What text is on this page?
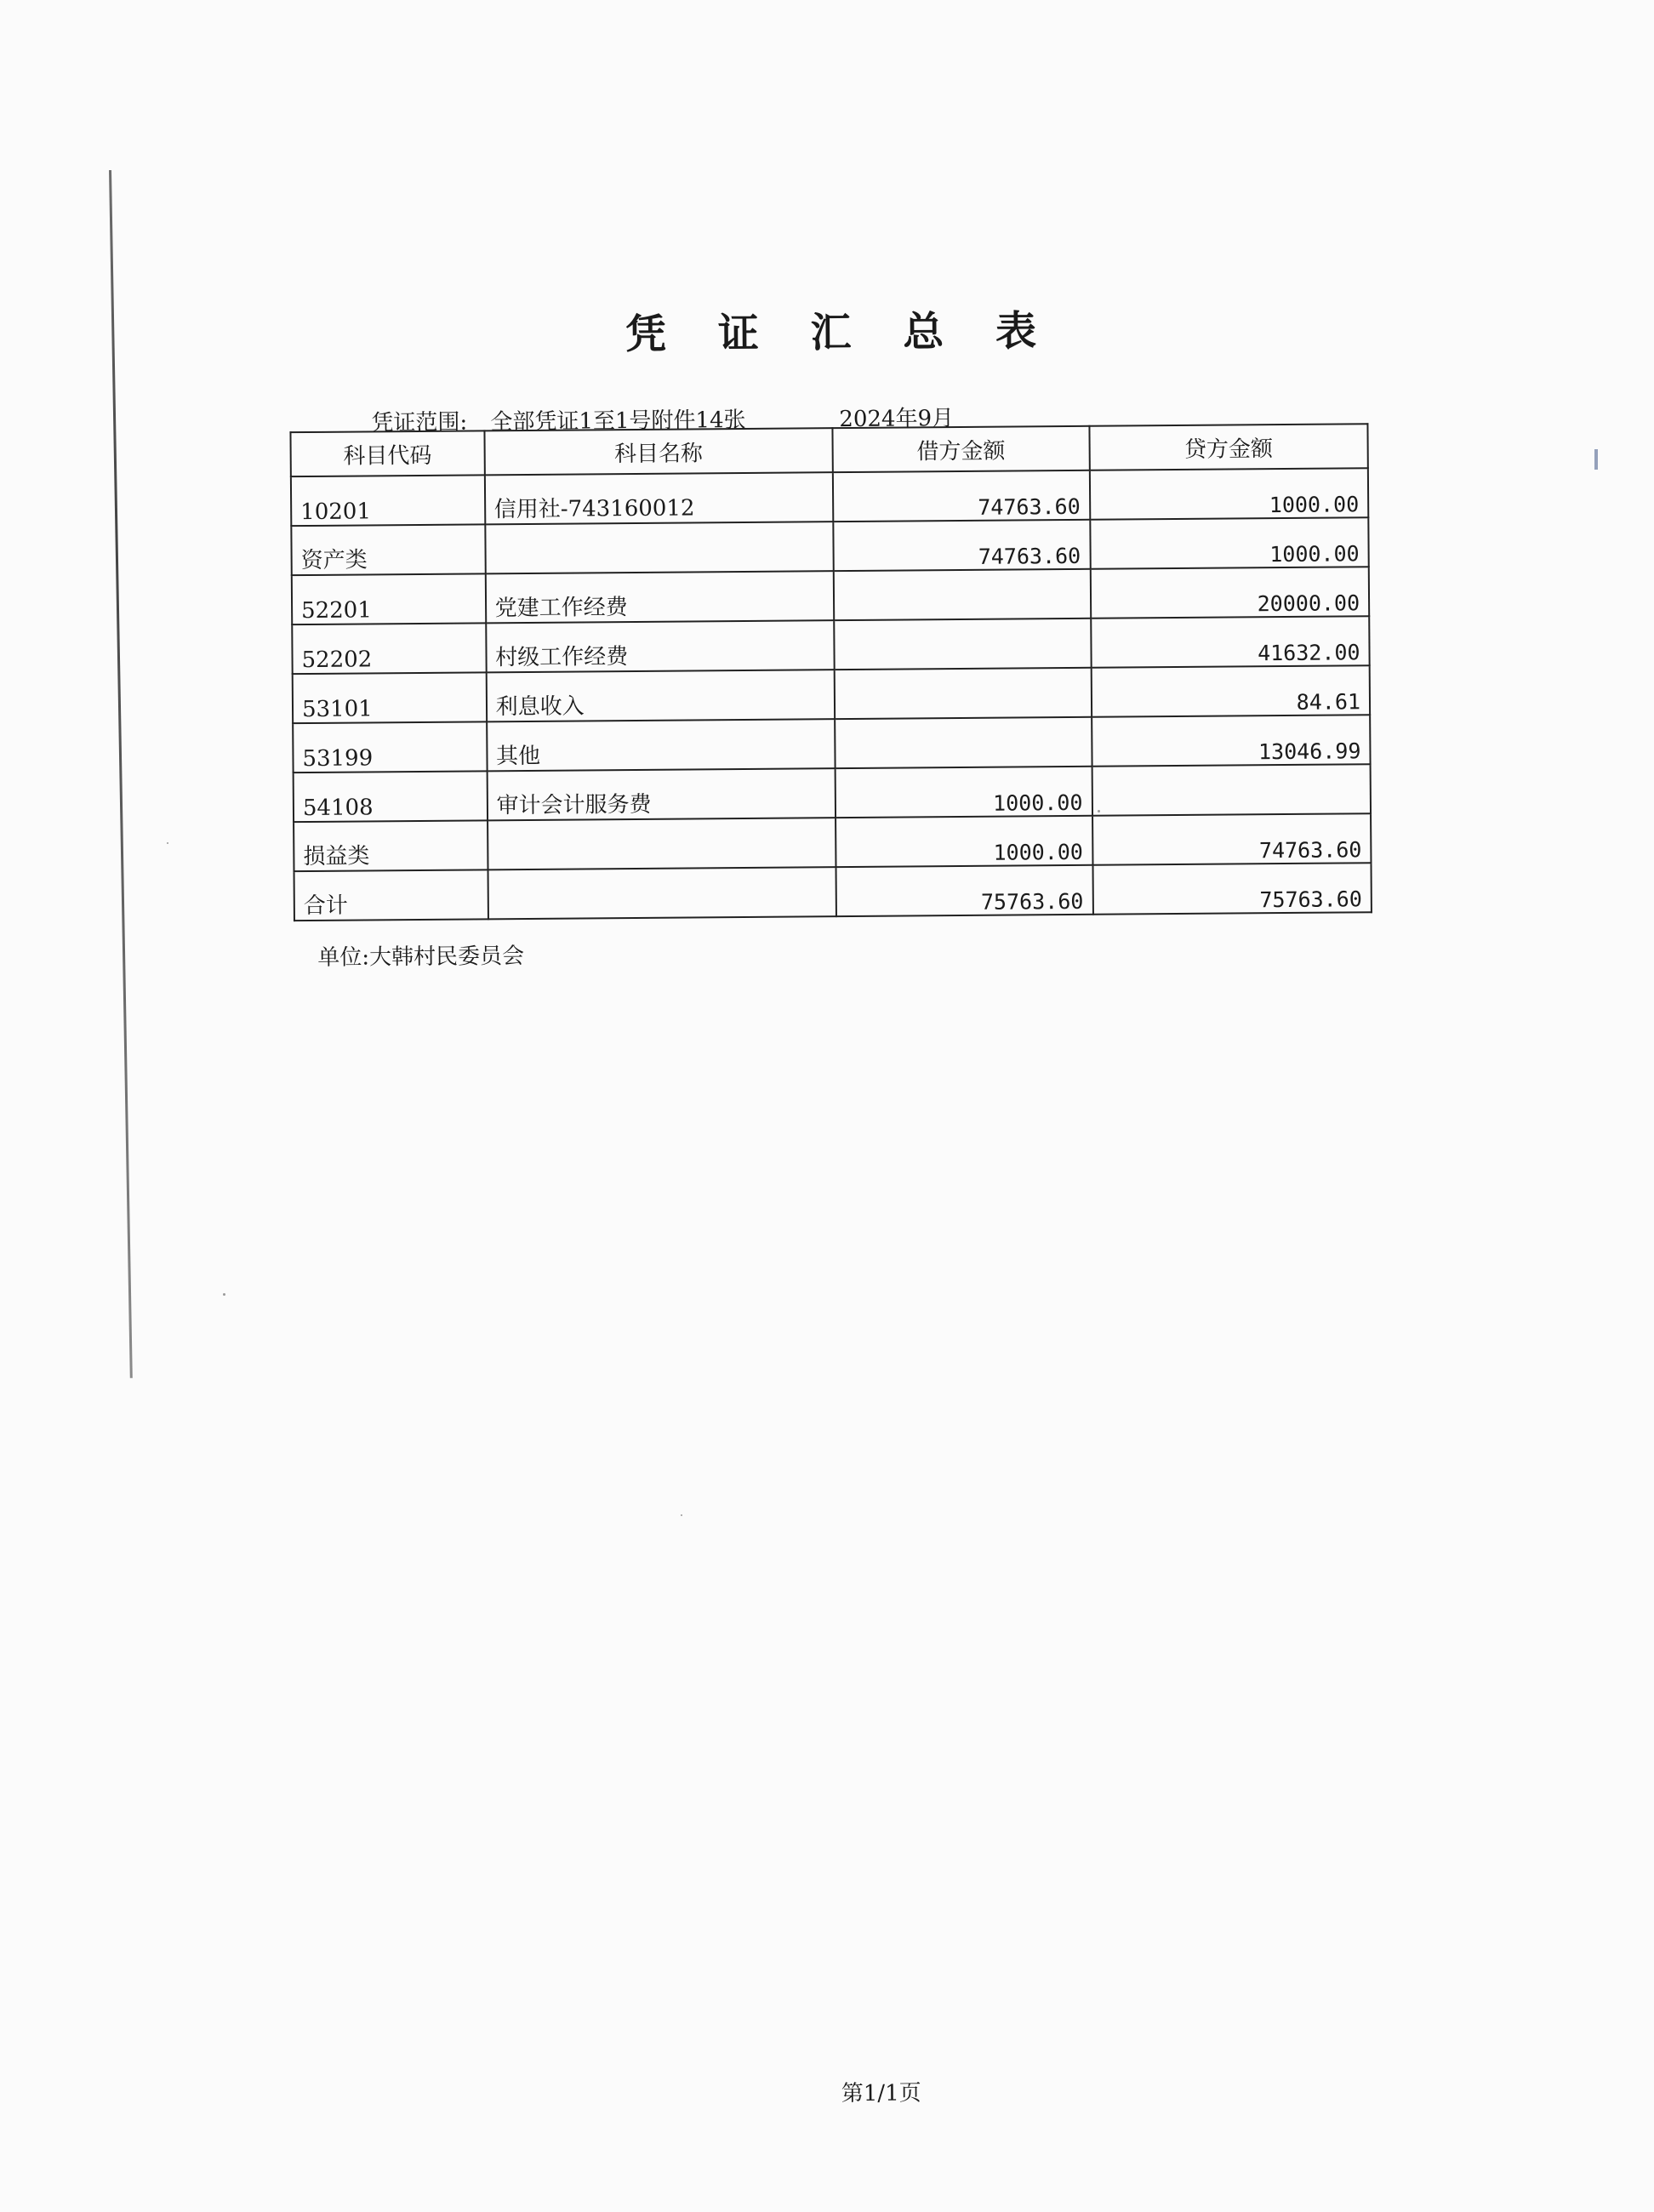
凭 证 汇 总 表
凭证范围: 全部凭证1至1号附件14张	2024年9月
科目代码	科目名称	借方金额	贷方金额
10201	信用社-743160012	74763.60	1000.00
资产类		74763.60	1000.00
52201	党建工作经费		20000.00
52202	村级工作经费		41632.00
53101	利息收入		84.61
53199	其他		13046.99
54108	审计会计服务费	1000.00	
损益类		1000.00	74763.60
合计		75763.60	75763.60
单位:大韩村民委员会
第1/1页
